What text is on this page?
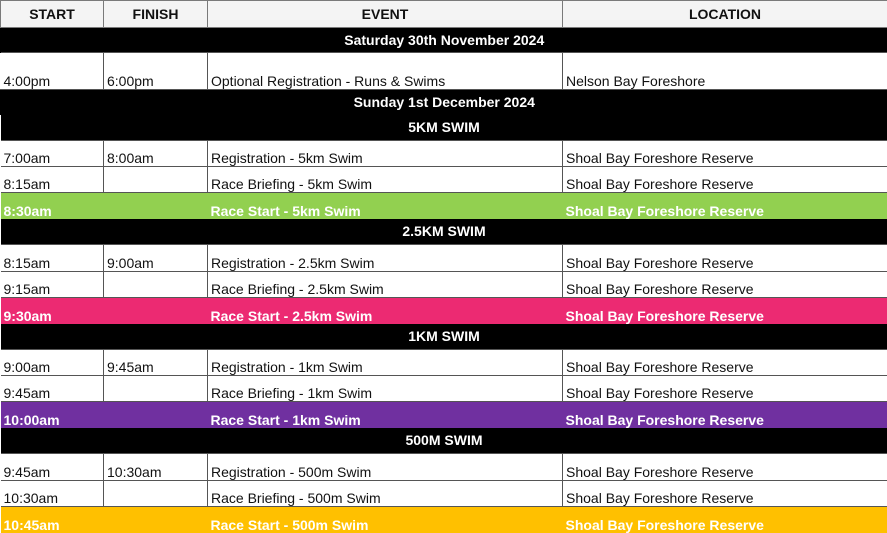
START	FINISH	EVENT	LOCATION
Saturday 30th November 2024			
4:00pm	6:00pm	Optional Registration - Runs & Swims	Nelson Bay Foreshore
Sunday 1st December 2024			
5KM SWIM			
7:00am	8:00am	Registration - 5km Swim	Shoal Bay Foreshore Reserve
8:15am		Race Briefing - 5km Swim	Shoal Bay Foreshore Reserve
8:30am		Race Start - 5km Swim	Shoal Bay Foreshore Reserve
2.5KM SWIM			
8:15am	9:00am	Registration - 2.5km Swim	Shoal Bay Foreshore Reserve
9:15am		Race Briefing - 2.5km Swim	Shoal Bay Foreshore Reserve
9:30am		Race Start - 2.5km Swim	Shoal Bay Foreshore Reserve
1KM SWIM			
9:00am	9:45am	Registration - 1km Swim	Shoal Bay Foreshore Reserve
9:45am		Race Briefing - 1km Swim	Shoal Bay Foreshore Reserve
10:00am		Race Start - 1km Swim	Shoal Bay Foreshore Reserve
500M SWIM			
9:45am	10:30am	Registration - 500m Swim	Shoal Bay Foreshore Reserve
10:30am		Race Briefing - 500m Swim	Shoal Bay Foreshore Reserve
10:45am		Race Start - 500m Swim	Shoal Bay Foreshore Reserve
